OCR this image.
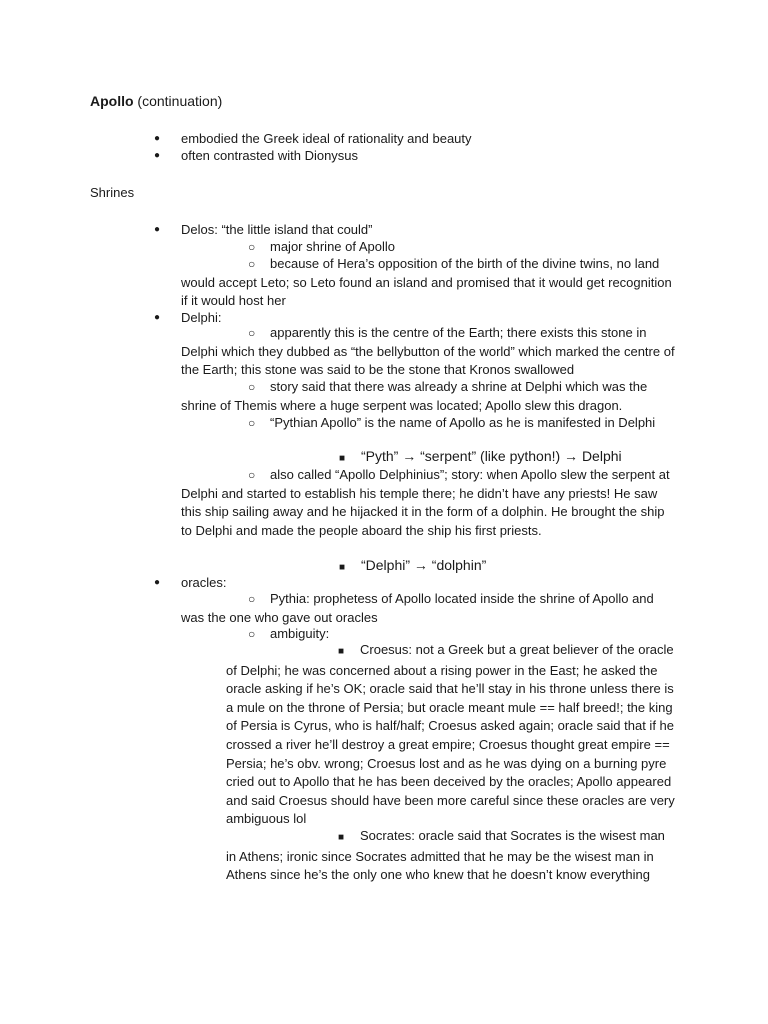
Apollo (continuation)

● embodied the Greek ideal of rationality and beauty

● often contrasted with Dionysus

Shrines

● Delos: “the little island that could”

○ major shrine of Apollo

○ because of Hera’s opposition of the birth of the divine twins, no land would accept Leto; so Leto found an island and promised that it would get recognition if it would host her

● Delphi:

○ apparently this is the centre of the Earth; there exists this stone in Delphi which they dubbed as “the bellybutton of the world” which marked the centre of the Earth; this stone was said to be the stone that Kronos swallowed

○ story said that there was already a shrine at Delphi which was the shrine of Themis where a huge serpent was located; Apollo slew this dragon.

○ “Pythian Apollo” is the name of Apollo as he is manifested in Delphi

■ “Pyth” → “serpent” (like python!) → Delphi

○ also called “Apollo Delphinius”; story: when Apollo slew the serpent at Delphi and started to establish his temple there; he didn’t have any priests! He saw this ship sailing away and he hijacked it in the form of a dolphin. He brought the ship to Delphi and made the people aboard the ship his first priests.

■ “Delphi” → “dolphin”

● oracles:

○ Pythia: prophetess of Apollo located inside the shrine of Apollo and was the one who gave out oracles

○ ambiguity:

■ Croesus: not a Greek but a great believer of the oracle of Delphi; he was concerned about a rising power in the East; he asked the oracle asking if he’s OK; oracle said that he’ll stay in his throne unless there is a mule on the throne of Persia; but oracle meant mule == half breed!; the king of Persia is Cyrus, who is half/half; Croesus asked again; oracle said that if he crossed a river he’ll destroy a great empire; Croesus thought great empire == Persia; he’s obv. wrong; Croesus lost and as he was dying on a burning pyre cried out to Apollo that he has been deceived by the oracles; Apollo appeared and said Croesus should have been more careful since these oracles are very ambiguous lol

■ Socrates: oracle said that Socrates is the wisest man in Athens; ironic since Socrates admitted that he may be the wisest man in Athens since he’s the only one who knew that he doesn’t know everything
